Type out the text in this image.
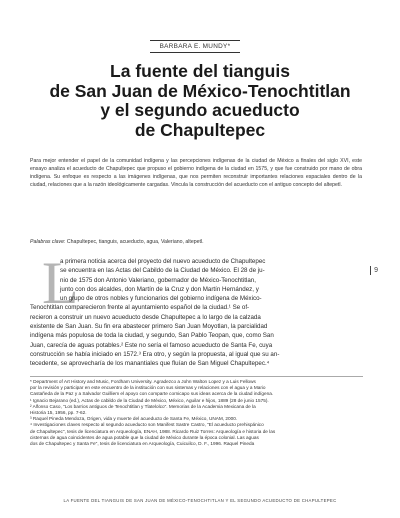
BARBARA E. MUNDY*
La fuente del tianguis
de San Juan de México-Tenochtitlan
y el segundo acueducto
de Chapultepec

Para mejor entender el papel de la comunidad indígena y las percepciones indígenas de la ciudad de México a finales del siglo XVI, este ensayo analiza el acueducto de Chapultepec que propuso el gobierno indígena de la ciudad en 1575, y que fue construido por mano de obra indígena. Su enfoque es respecto a las imágenes indígenas, que nos permiten reconstruir importantes relaciones espaciales dentro de la ciudad, relaciones que a la razón ideológicamente cargadas. Vincula la construcción del acueducto con el antiguo concepto del altepetl.

Palabras clave: Chapultepec, tianguis, acueducto, agua, Valeriano, altepetl.

9
L
a primera noticia acerca del proyecto del nuevo acueducto de Chapultepec
se encuentra en las Actas del Cabildo de la Ciudad de México. El 28 de ju-
nio de 1575 don Antonio Valeriano, gobernador de México-Tenochtitlan,
junto con dos alcaldes, don Martín de la Cruz y don Martín Hernández, y
un grupo de otros nobles y funcionarios del gobierno indígena de México-
Tenochtitlan comparecieron frente al ayuntamiento español de la ciudad.¹ Se of-
recieron a construir un nuevo acueducto desde Chapultepec a lo largo de la calzada
existente de San Juan. Su fin era abastecer primero San Juan Moyotlan, la parcialidad
indígena más populosa de toda la ciudad, y segundo, San Pablo Teopan, que, como San
Juan, carecía de aguas potables.² Este no sería el famoso acueducto de Santa Fe, cuya
construcción se había iniciado en 1572.³ Era otro, y según la propuesta, al igual que su an-
tecedente, se aprovecharía de los manantiales que fluían de San Miguel Chapultepec.⁴
* Department of Art History and Music, Fordham University. Agradezco a John Walton Lopez y a Luis Fellows
por la revisión y participar en este encuentro de la institución con sus sistemas y relaciones con el agua y a Mario
Castañeda de la Paz y a Salvador Guilliem el apoyo con comparte cornicapo sus ideas acerca de la ciudad indígena.
¹ Ignacio Bejarano (ed.), Actas de cabildo de la Ciudad de México, México, Aguilar e hijos, 1889 (28 de junio 1575).
² Alfonso Caso, "Los barrios antiguos de Tenochtitlan y Tlatelolco". Memorias de la Academia Mexicana de la
Historia 15, 1956, pp. 7-62.
³ Raquel Pineda Mendoza, Origen, vida y muerte del acueducto de Santa Fe, México, UNAM, 2000.
⁴ Investigaciones claves respecto al segundo acueducto son Manifest Sastre Castro, "El acueducto prehispánico
de Chapultepec", tesis de licenciatura en Arqueología, ENAH, 1988. Ricardo Ruiz Torres: Arqueología e historia de las
cisternas de agua coincidentes de agua potable que la ciudad de México durante la época colonial. Las aguas
dos de Chapultepec y Santa Fe", tesis de licenciatura en Arqueología, Cuicuilco, D. F., 1996. Raquel Pineda
LA FUENTE DEL TIANGUIS DE SAN JUAN DE MÉXICO-TENOCHTITLAN Y EL SEGUNDO ACUEDUCTO DE CHAPULTEPEC
